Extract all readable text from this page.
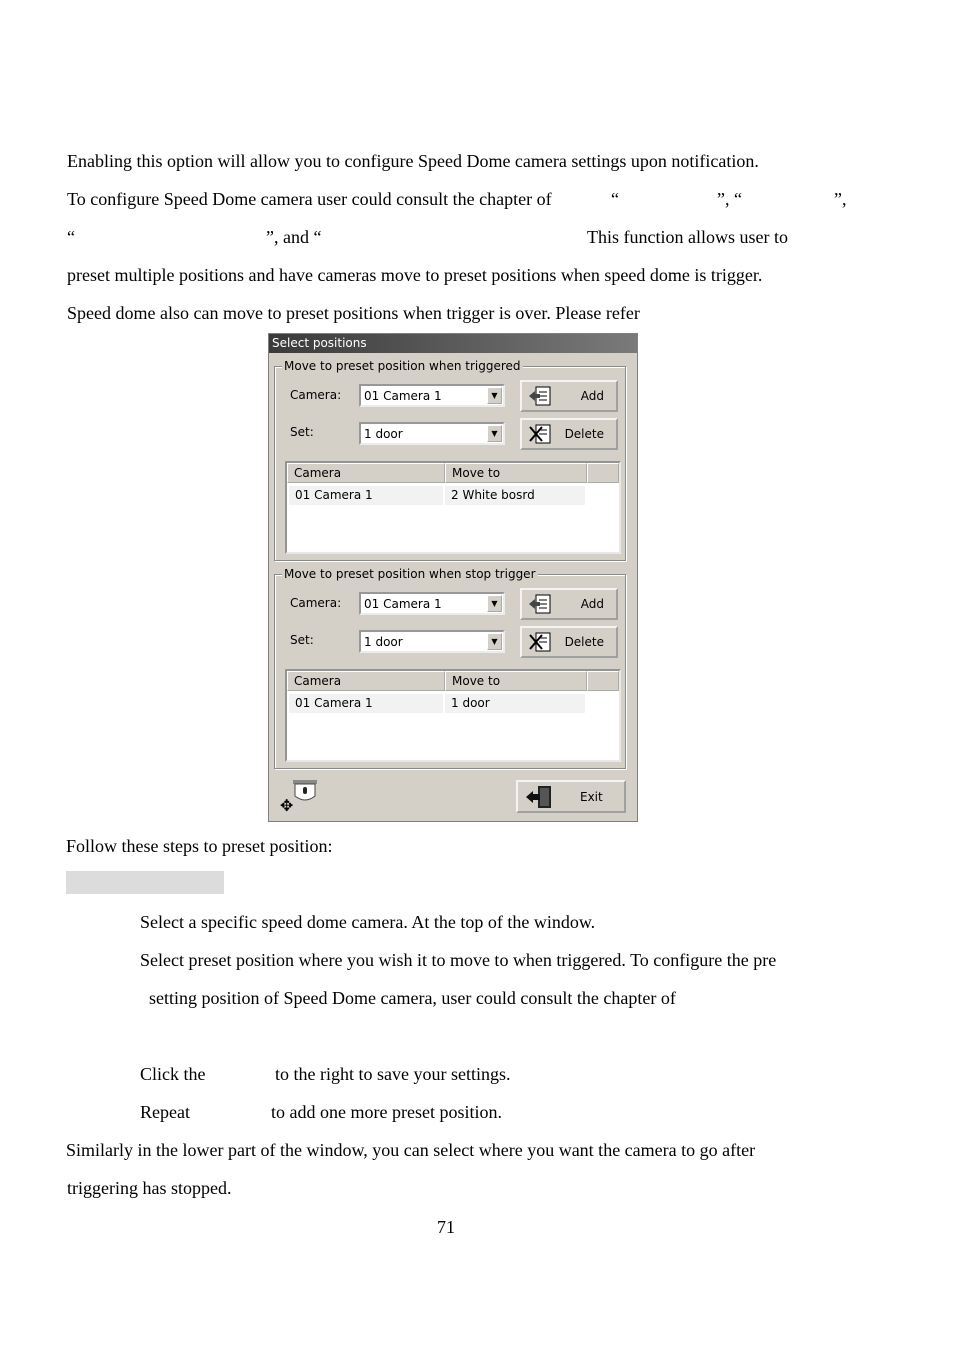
Enabling this option will allow you to configure Speed Dome camera settings upon notification.
To configure Speed Dome camera user could consult the chapter of	“	”, “	”,
“	”, and “	This function allows user to
preset multiple positions and have cameras move to preset positions when speed dome is trigger.
Speed dome also can move to preset positions when trigger is over. Please refer
Select positions
Move to preset position when triggered
Camera: 01 Camera 1	▼
Set:	1 door	▼
Add
Delete
Camera	Move to
01 Camera 1	2 White bosrd
Move to preset position when stop trigger
Camera: 01 Camera 1	▼
Set:	1 door	▼
Add
Delete
Camera	Move to
01 Camera 1	1 door
✥	Exit
Follow these steps to preset position:
Select a specific speed dome camera. At the top of the window.
Select preset position where you wish it to move to when triggered. To configure the pre
setting position of Speed Dome camera, user could consult the chapter of
Click the	to the right to save your settings.
Repeat	to add one more preset position.
Similarly in the lower part of the window, you can select where you want the camera to go after
triggering has stopped.
71
